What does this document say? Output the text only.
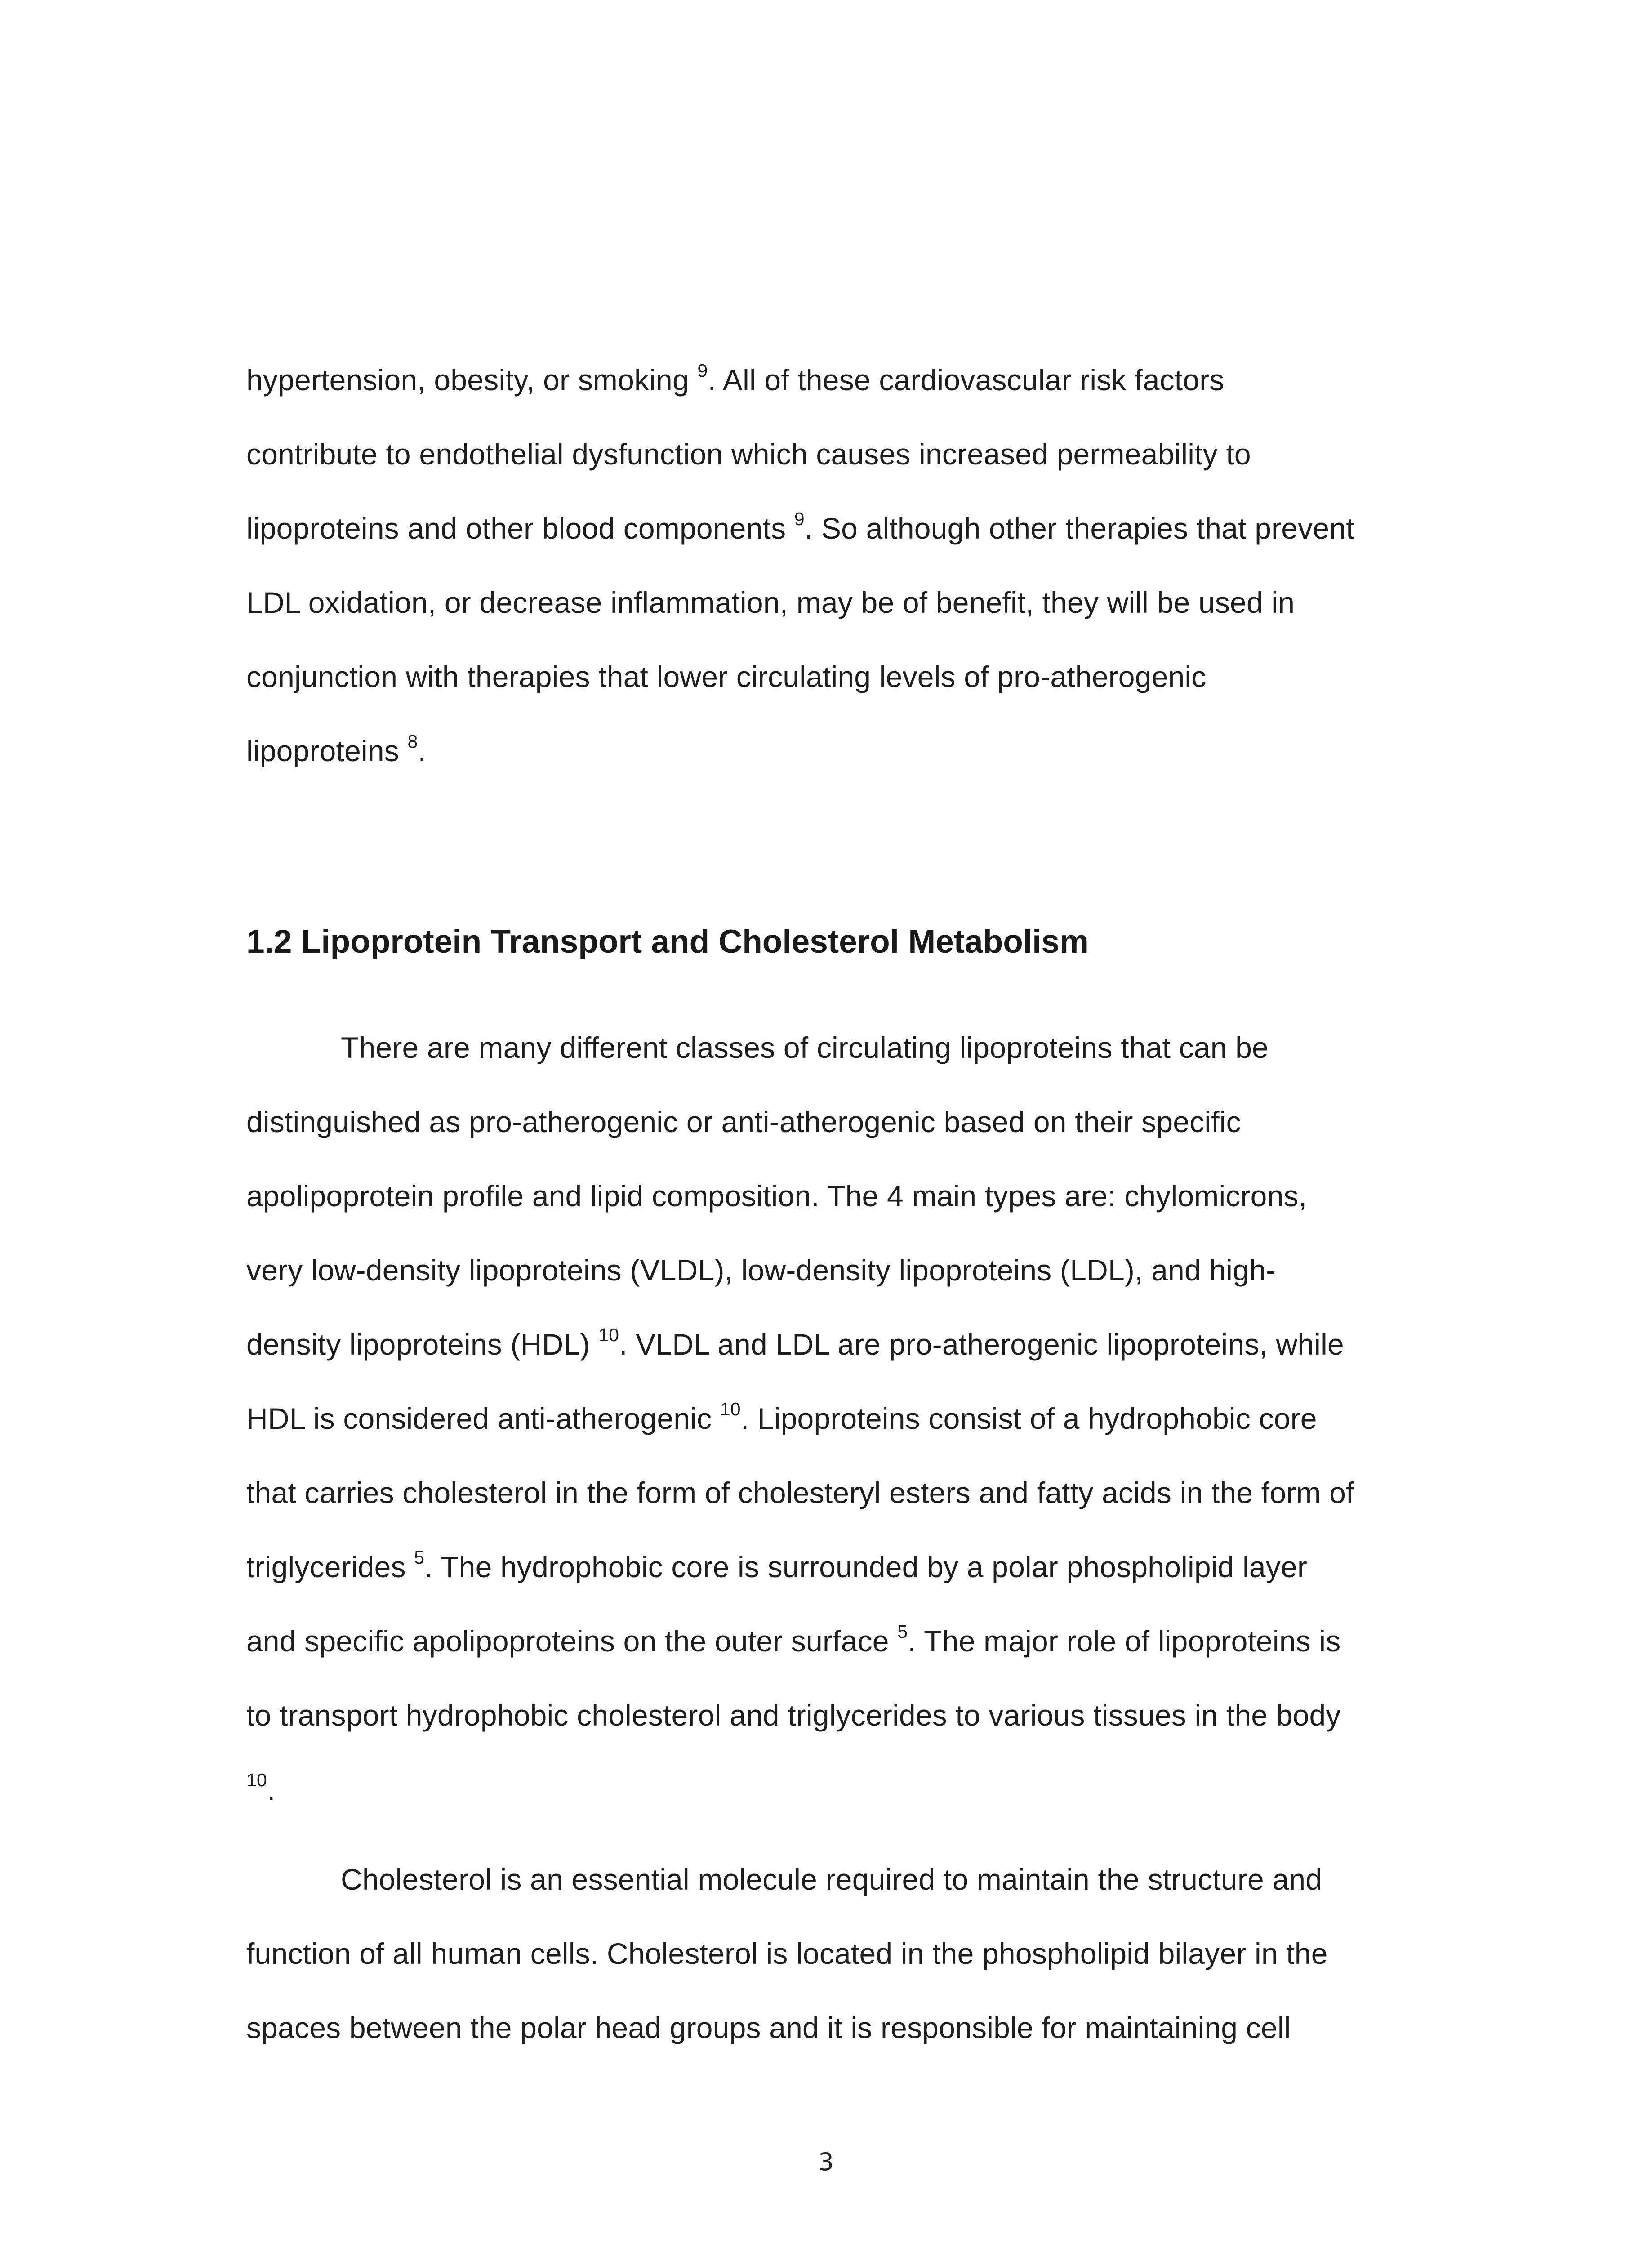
hypertension, obesity, or smoking $^9$. All of these cardiovascular risk factors
contribute to endothelial dysfunction which causes increased permeability to
lipoproteins and other blood components $^9$. So although other therapies that prevent
LDL oxidation, or decrease inflammation, may be of benefit, they will be used in
conjunction with therapies that lower circulating levels of pro-atherogenic
lipoproteins $^8$.
1.2 Lipoprotein Transport and Cholesterol Metabolism
There are many different classes of circulating lipoproteins that can be
distinguished as pro-atherogenic or anti-atherogenic based on their specific
apolipoprotein profile and lipid composition. The 4 main types are: chylomicrons,
very low-density lipoproteins (VLDL), low-density lipoproteins (LDL), and high-
density lipoproteins (HDL) $^{10}$. VLDL and LDL are pro-atherogenic lipoproteins, while
HDL is considered anti-atherogenic $^{10}$. Lipoproteins consist of a hydrophobic core
that carries cholesterol in the form of cholesteryl esters and fatty acids in the form of
triglycerides $^5$. The hydrophobic core is surrounded by a polar phospholipid layer
and specific apolipoproteins on the outer surface $^5$. The major role of lipoproteins is
to transport hydrophobic cholesterol and triglycerides to various tissues in the body
$^{10}$.
Cholesterol is an essential molecule required to maintain the structure and
function of all human cells. Cholesterol is located in the phospholipid bilayer in the
spaces between the polar head groups and it is responsible for maintaining cell
3
